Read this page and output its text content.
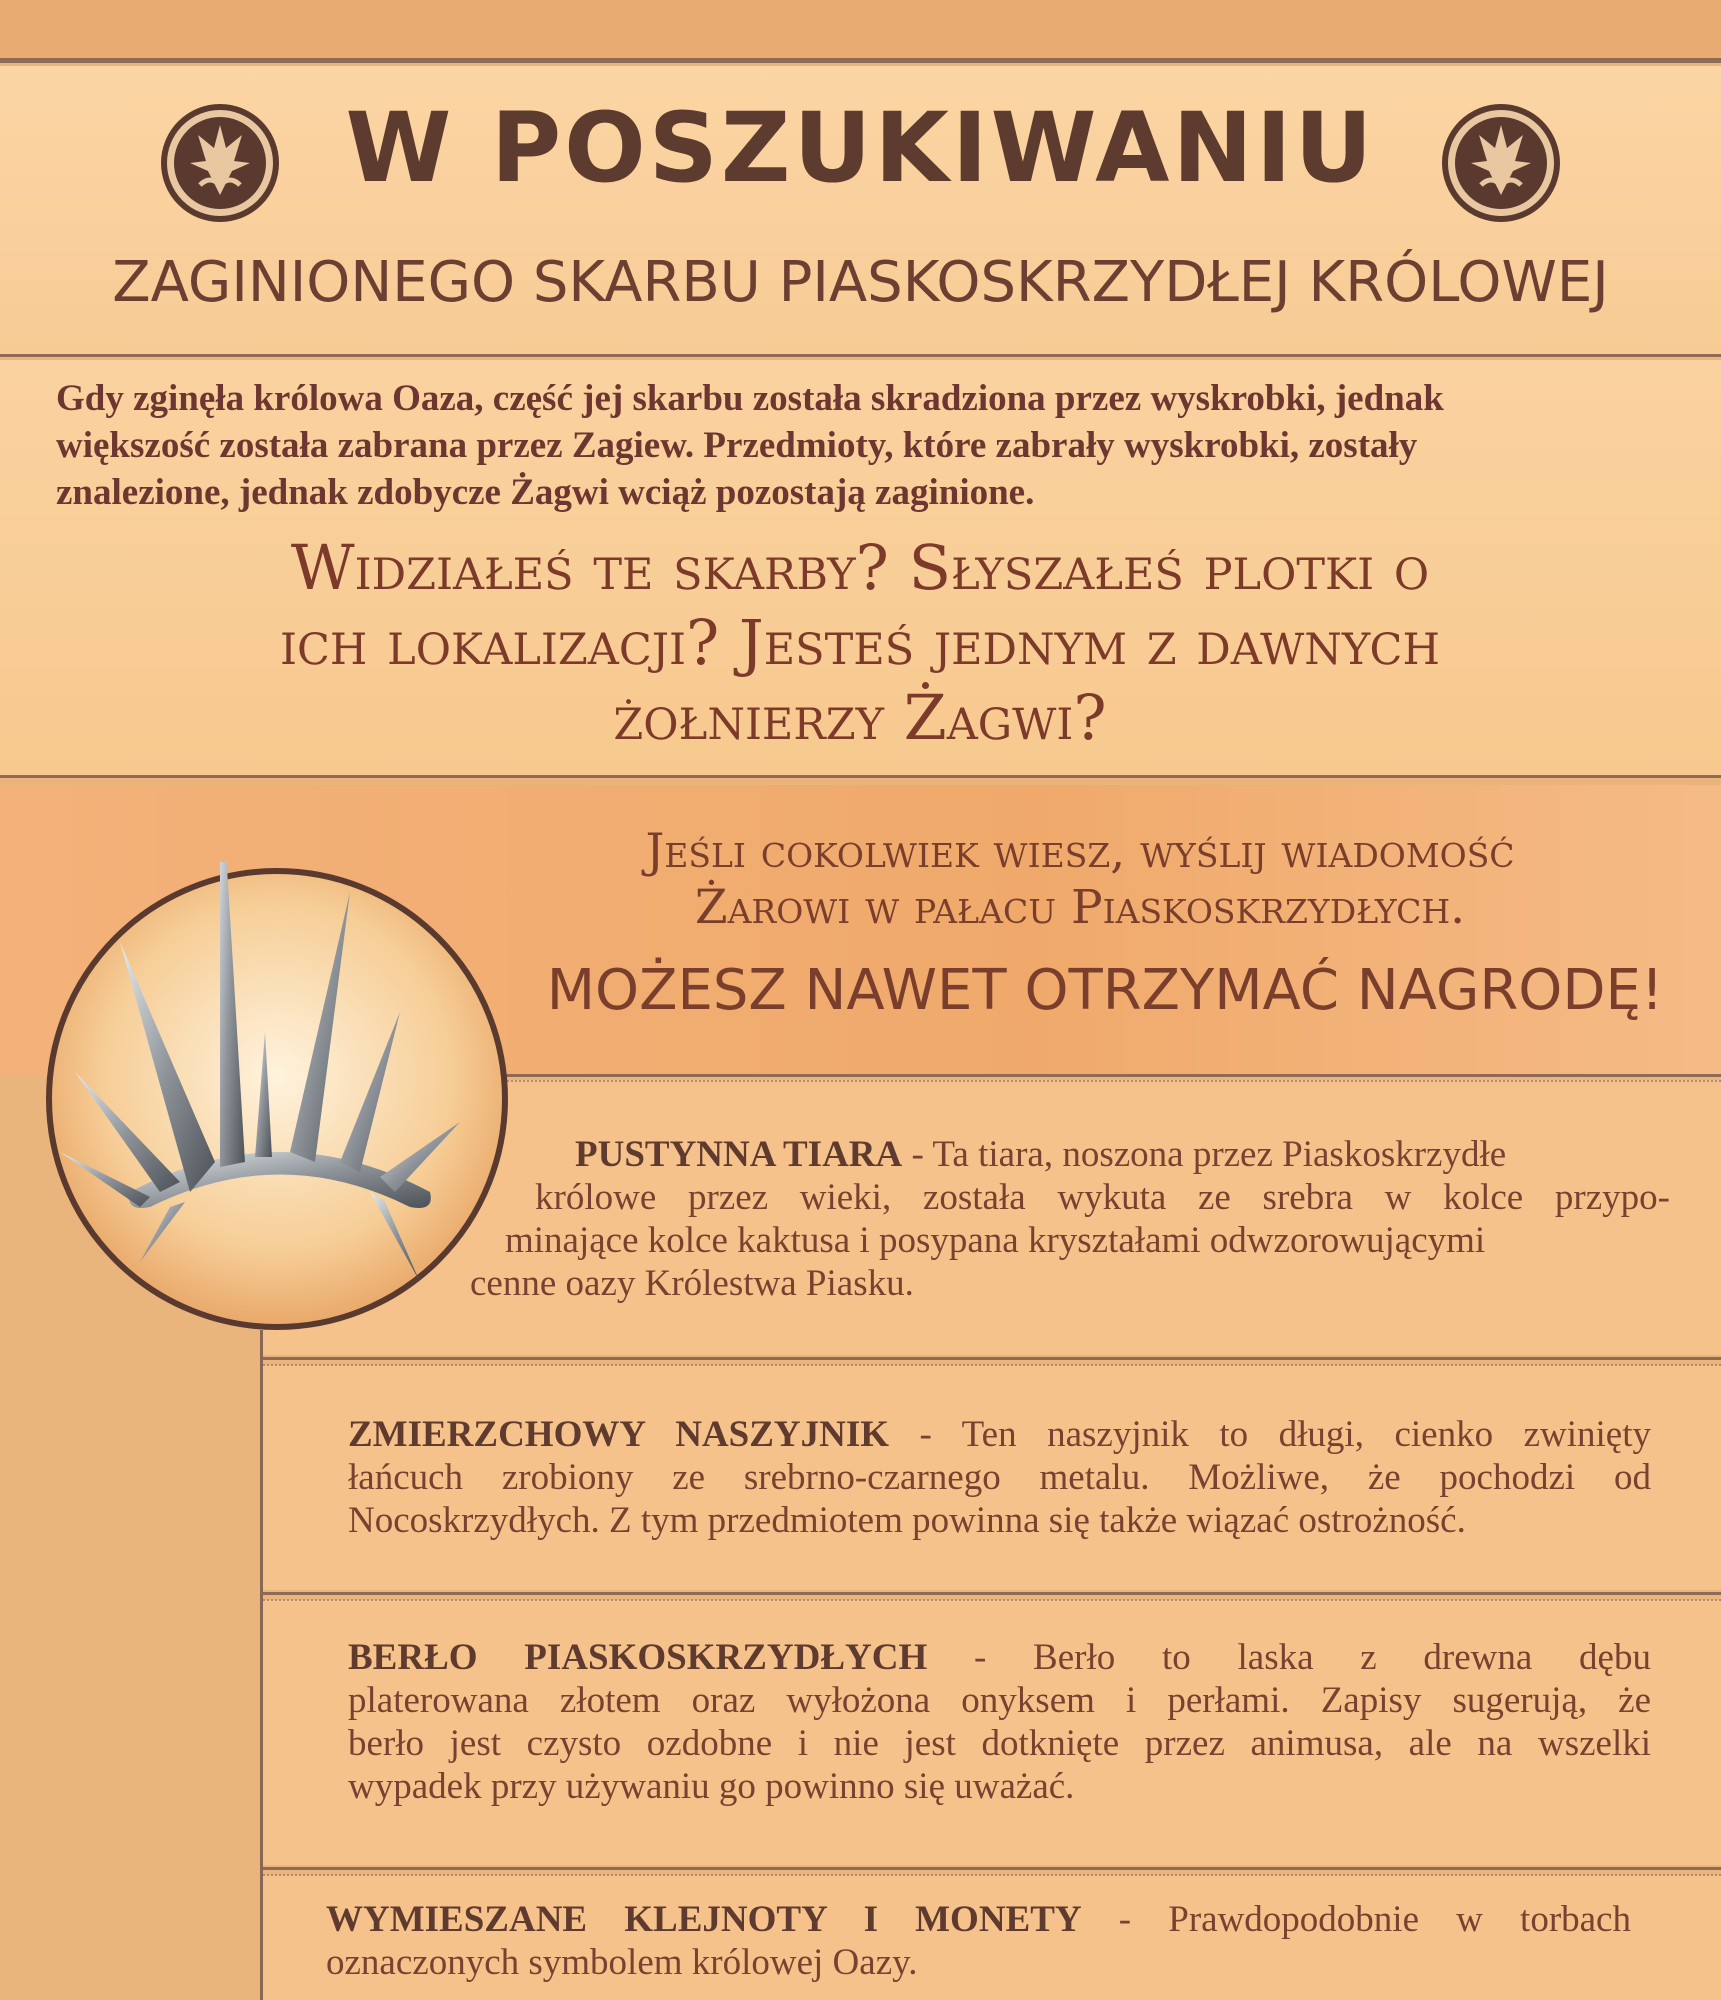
W POSZUKIWANIU
ZAGINIONEGO SKARBU PIASKOSKRZYDŁEJ KRÓLOWEJ
Gdy zginęła królowa Oaza, część jej skarbu została skradziona przez wyskrobki, jednak
większość została zabrana przez Zagiew. Przedmioty, które zabrały wyskrobki, zostały
znalezione, jednak zdobycze Żagwi wciąż pozostają zaginione.
Widziałeś te skarby? Słyszałeś plotki o
ich lokalizacji? Jesteś jednym z dawnych
żołnierzy Żagwi?
Jeśli cokolwiek wiesz, wyślij wiadomość
Żarowi w pałacu Piaskoskrzydłych.
MOŻESZ NAWET OTRZYMAĆ NAGRODĘ!
PUSTYNNA TIARA - Ta tiara, noszona przez Piaskoskrzydłe
królowe przez wieki, została wykuta ze srebra w kolce przypo-
minające kolce kaktusa i posypana kryształami odwzorowującymi
cenne oazy Królestwa Piasku.
ZMIERZCHOWY NASZYJNIK - Ten naszyjnik to długi, cienko zwinięty
łańcuch zrobiony ze srebrno-czarnego metalu. Możliwe, że pochodzi od
Nocoskrzydłych. Z tym przedmiotem powinna się także wiązać ostrożność.
BERŁO PIASKOSKRZYDŁYCH - Berło to laska z drewna dębu
platerowana złotem oraz wyłożona onyksem i perłami. Zapisy sugerują, że
berło jest czysto ozdobne i nie jest dotknięte przez animusa, ale na wszelki
wypadek przy używaniu go powinno się uważać.
WYMIESZANE KLEJNOTY I MONETY - Prawdopodobnie w torbach
oznaczonych symbolem królowej Oazy.
